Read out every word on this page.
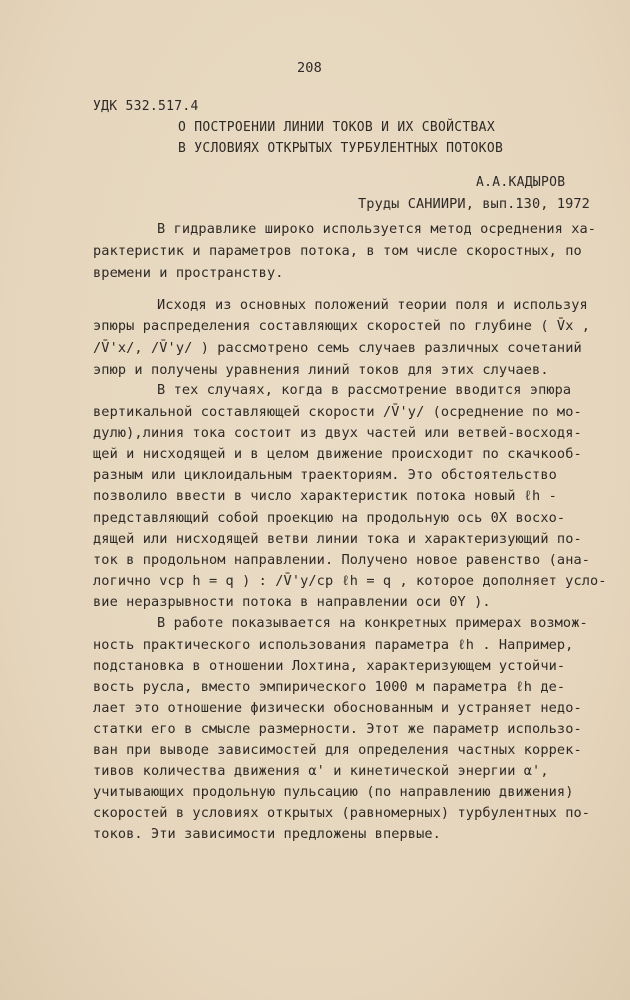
208
УДК 532.517.4
О ПОСТРОЕНИИ ЛИНИИ ТОКОВ И ИХ СВОЙСТВАХ
В УСЛОВИЯХ ОТКРЫТЫХ ТУРБУЛЕНТНЫХ ПОТОКОВ
А.А.КАДЫРОВ
Труды САНИИРИ, вып.130, 1972
В гидравлике широко используется метод осреднения ха-
рактеристик и параметров потока, в том числе скоростных, по
времени и пространству.
Исходя из основных положений теории поля и используя
эпюры распределения составляющих скоростей по глубине ( V̄x ,
/V̄'x/, /V̄'y/ ) рассмотрено семь случаев различных сочетаний
эпюр и получены уравнения линий токов для этих случаев.
В тех случаях, когда в рассмотрение вводится эпюра
вертикальной составляющей скорости /V̄'y/ (осреднение по мо-
дулю),линия тока состоит из двух частей или ветвей-восходя-
щей и нисходящей и в целом движение происходит по скачкооб-
разным или циклоидальным траекториям. Это обстоятельство
позволило ввести в число характеристик потока новый ℓh -
представляющий собой проекцию на продольную ось 0X восхо-
дящей или нисходящей ветви линии тока и характеризующий по-
ток в продольном направлении. Получено новое равенство (ана-
логично vср h = q ) : /V̄'y/ср ℓh = q , которое дополняет усло-
вие неразрывности потока в направлении оси 0Y ).
В работе показывается на конкретных примерах возмож-
ность практического использования параметра ℓh . Например,
подстановка в отношении Лохтина, характеризующем устойчи-
вость русла, вместо эмпирического 1000 м параметра ℓh де-
лает это отношение физически обоснованным и устраняет недо-
статки его в смысле размерности. Этот же параметр использо-
ван при выводе зависимостей для определения частных коррек-
тивов количества движения α' и кинетической энергии α',
учитывающих продольную пульсацию (по направлению движения)
скоростей в условиях открытых (равномерных) турбулентных по-
токов. Эти зависимости предложены впервые.
